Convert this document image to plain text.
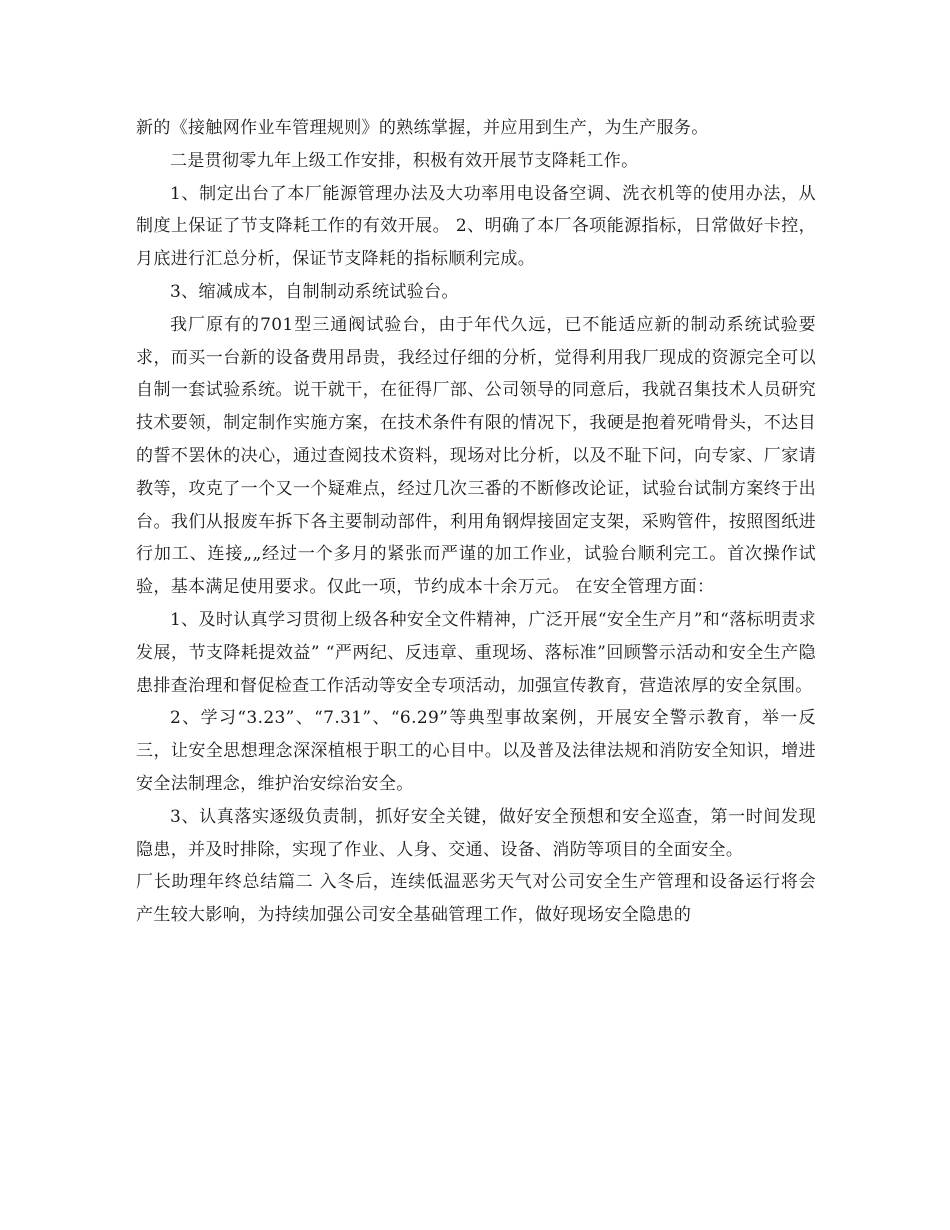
新的《接触网作业车管理规则》的熟练掌握，并应用到生产，为生产服务。

二是贯彻零九年上级工作安排，积极有效开展节支降耗工作。

1、制定出台了本厂能源管理办法及大功率用电设备空调、洗衣机等的使用办法，从制度上保证了节支降耗工作的有效开展。 2、明确了本厂各项能源指标，日常做好卡控，月底进行汇总分析，保证节支降耗的指标顺利完成。

3、缩减成本，自制制动系统试验台。

我厂原有的701型三通阀试验台，由于年代久远，已不能适应新的制动系统试验要求，而买一台新的设备费用昂贵，我经过仔细的分析，觉得利用我厂现成的资源完全可以自制一套试验系统。说干就干，在征得厂部、公司领导的同意后，我就召集技术人员研究技术要领，制定制作实施方案，在技术条件有限的情况下，我硬是抱着死啃骨头，不达目的誓不罢休的决心，通过查阅技术资料，现场对比分析，以及不耻下问，向专家、厂家请教等，攻克了一个又一个疑难点，经过几次三番的不断修改论证，试验台试制方案终于出台。我们从报废车拆下各主要制动部件，利用角钢焊接固定支架，采购管件，按照图纸进行加工、连接„„经过一个多月的紧张而严谨的加工作业，试验台顺利完工。首次操作试验，基本满足使用要求。仅此一项，节约成本十余万元。 在安全管理方面：

1、及时认真学习贯彻上级各种安全文件精神，广泛开展“安全生产月”和“落标明责求发展，节支降耗提效益” “严两纪、反违章、重现场、落标准”回顾警示活动和安全生产隐患排查治理和督促检查工作活动等安全专项活动，加强宣传教育，营造浓厚的安全氛围。

2、学习“3.23”、“7.31”、“6.29”等典型事故案例，开展安全警示教育，举一反三，让安全思想理念深深植根于职工的心目中。以及普及法律法规和消防安全知识，增进安全法制理念，维护治安综治安全。

3、认真落实逐级负责制，抓好安全关键，做好安全预想和安全巡查，第一时间发现隐患，并及时排除，实现了作业、人身、交通、设备、消防等项目的全面安全。

厂长助理年终总结篇二 入冬后，连续低温恶劣天气对公司安全生产管理和设备运行将会产生较大影响，为持续加强公司安全基础管理工作，做好现场安全隐患的
